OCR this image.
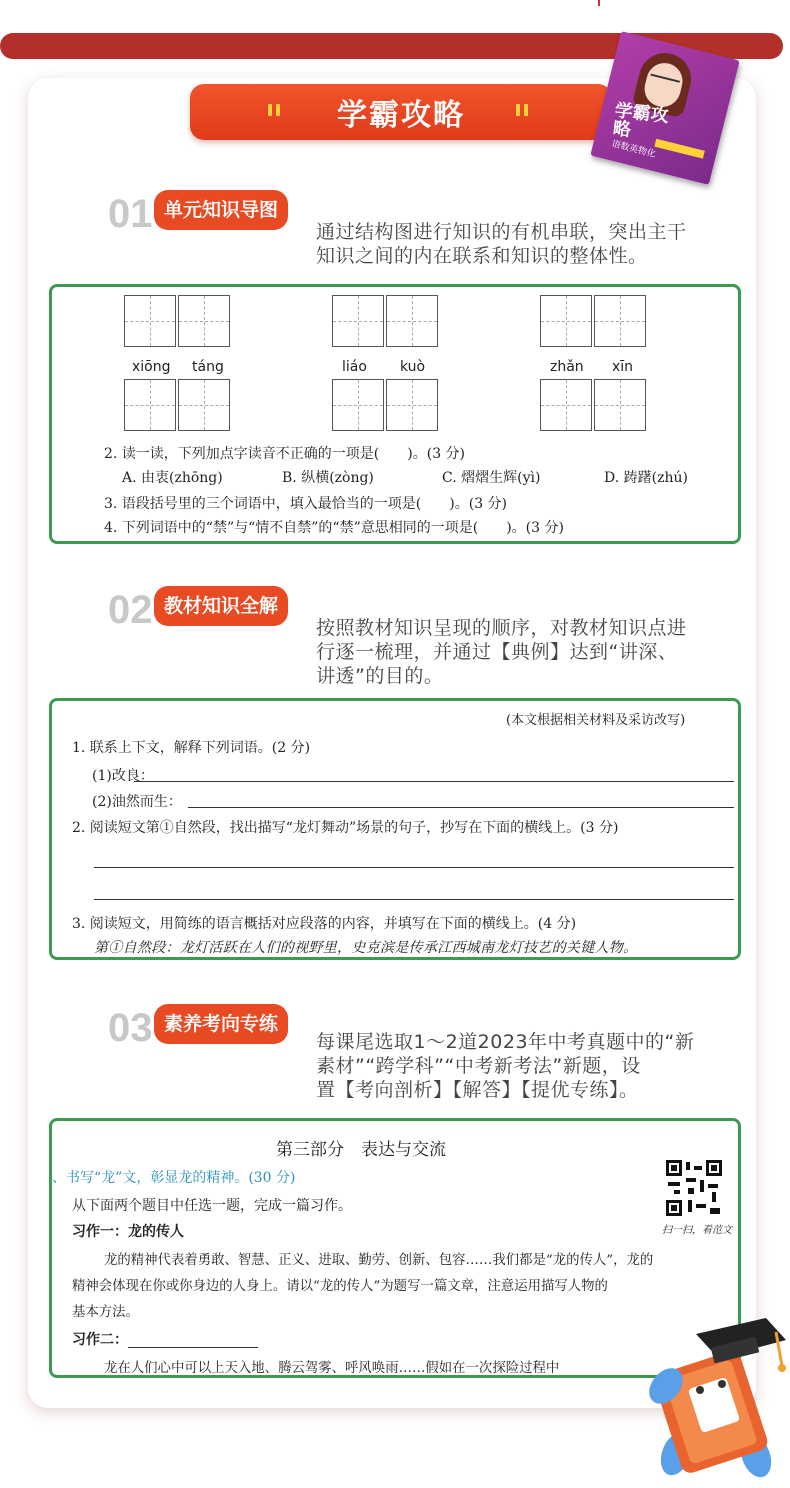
学霸攻略	学霸攻略
语数英物化
01 单元知识导图
通过结构图进行知识的有机串联，突出主干
知识之间的内在联系和知识的整体性。
xiōng táng	liáo kuò	zhǎn xīn
2. 读一读，下列加点字读音不正确的一项是(　　)。(3 分)
A. 由衷(zhōng)	B. 纵横(zòng)	C. 熠熠生辉(yì)	D. 踌躇(zhú)
3. 语段括号里的三个词语中，填入最恰当的一项是(　　)。(3 分)
4. 下列词语中的“禁”与“情不自禁”的“禁”意思相同的一项是(　　)。(3 分)
02 教材知识全解
按照教材知识呈现的顺序，对教材知识点进
行逐一梳理，并通过【典例】达到“讲深、
讲透”的目的。
(本文根据相关材料及采访改写)
1. 联系上下文，解释下列词语。(2 分)
(1)改良：
(2)油然而生：
2. 阅读短文第①自然段，找出描写“龙灯舞动”场景的句子，抄写在下面的横线上。(3 分)
3. 阅读短文，用简练的语言概括对应段落的内容，并填写在下面的横线上。(4 分)
第①自然段：龙灯活跃在人们的视野里，史克滨是传承江西城南龙灯技艺的关键人物。
03 素养考向专练
每课尾选取1～2道2023年中考真题中的“新
素材”“跨学科”“中考新考法”新题，设
置【考向剖析】【解答】【提优专练】。
第三部分　表达与交流
、书写“龙”文，彰显龙的精神。(30 分)
从下面两个题目中任选一题，完成一篇习作。
习作一：龙的传人
龙的精神代表着勇敢、智慧、正义、进取、勤劳、创新、包容……我们都是“龙的传人”，龙的
精神会体现在你或你身边的人身上。请以“龙的传人”为题写一篇文章，注意运用描写人物的
基本方法。
习作二：
龙在人们心中可以上天入地、腾云驾雾、呼风唤雨……假如在一次探险过程中
扫一扫，看范文
